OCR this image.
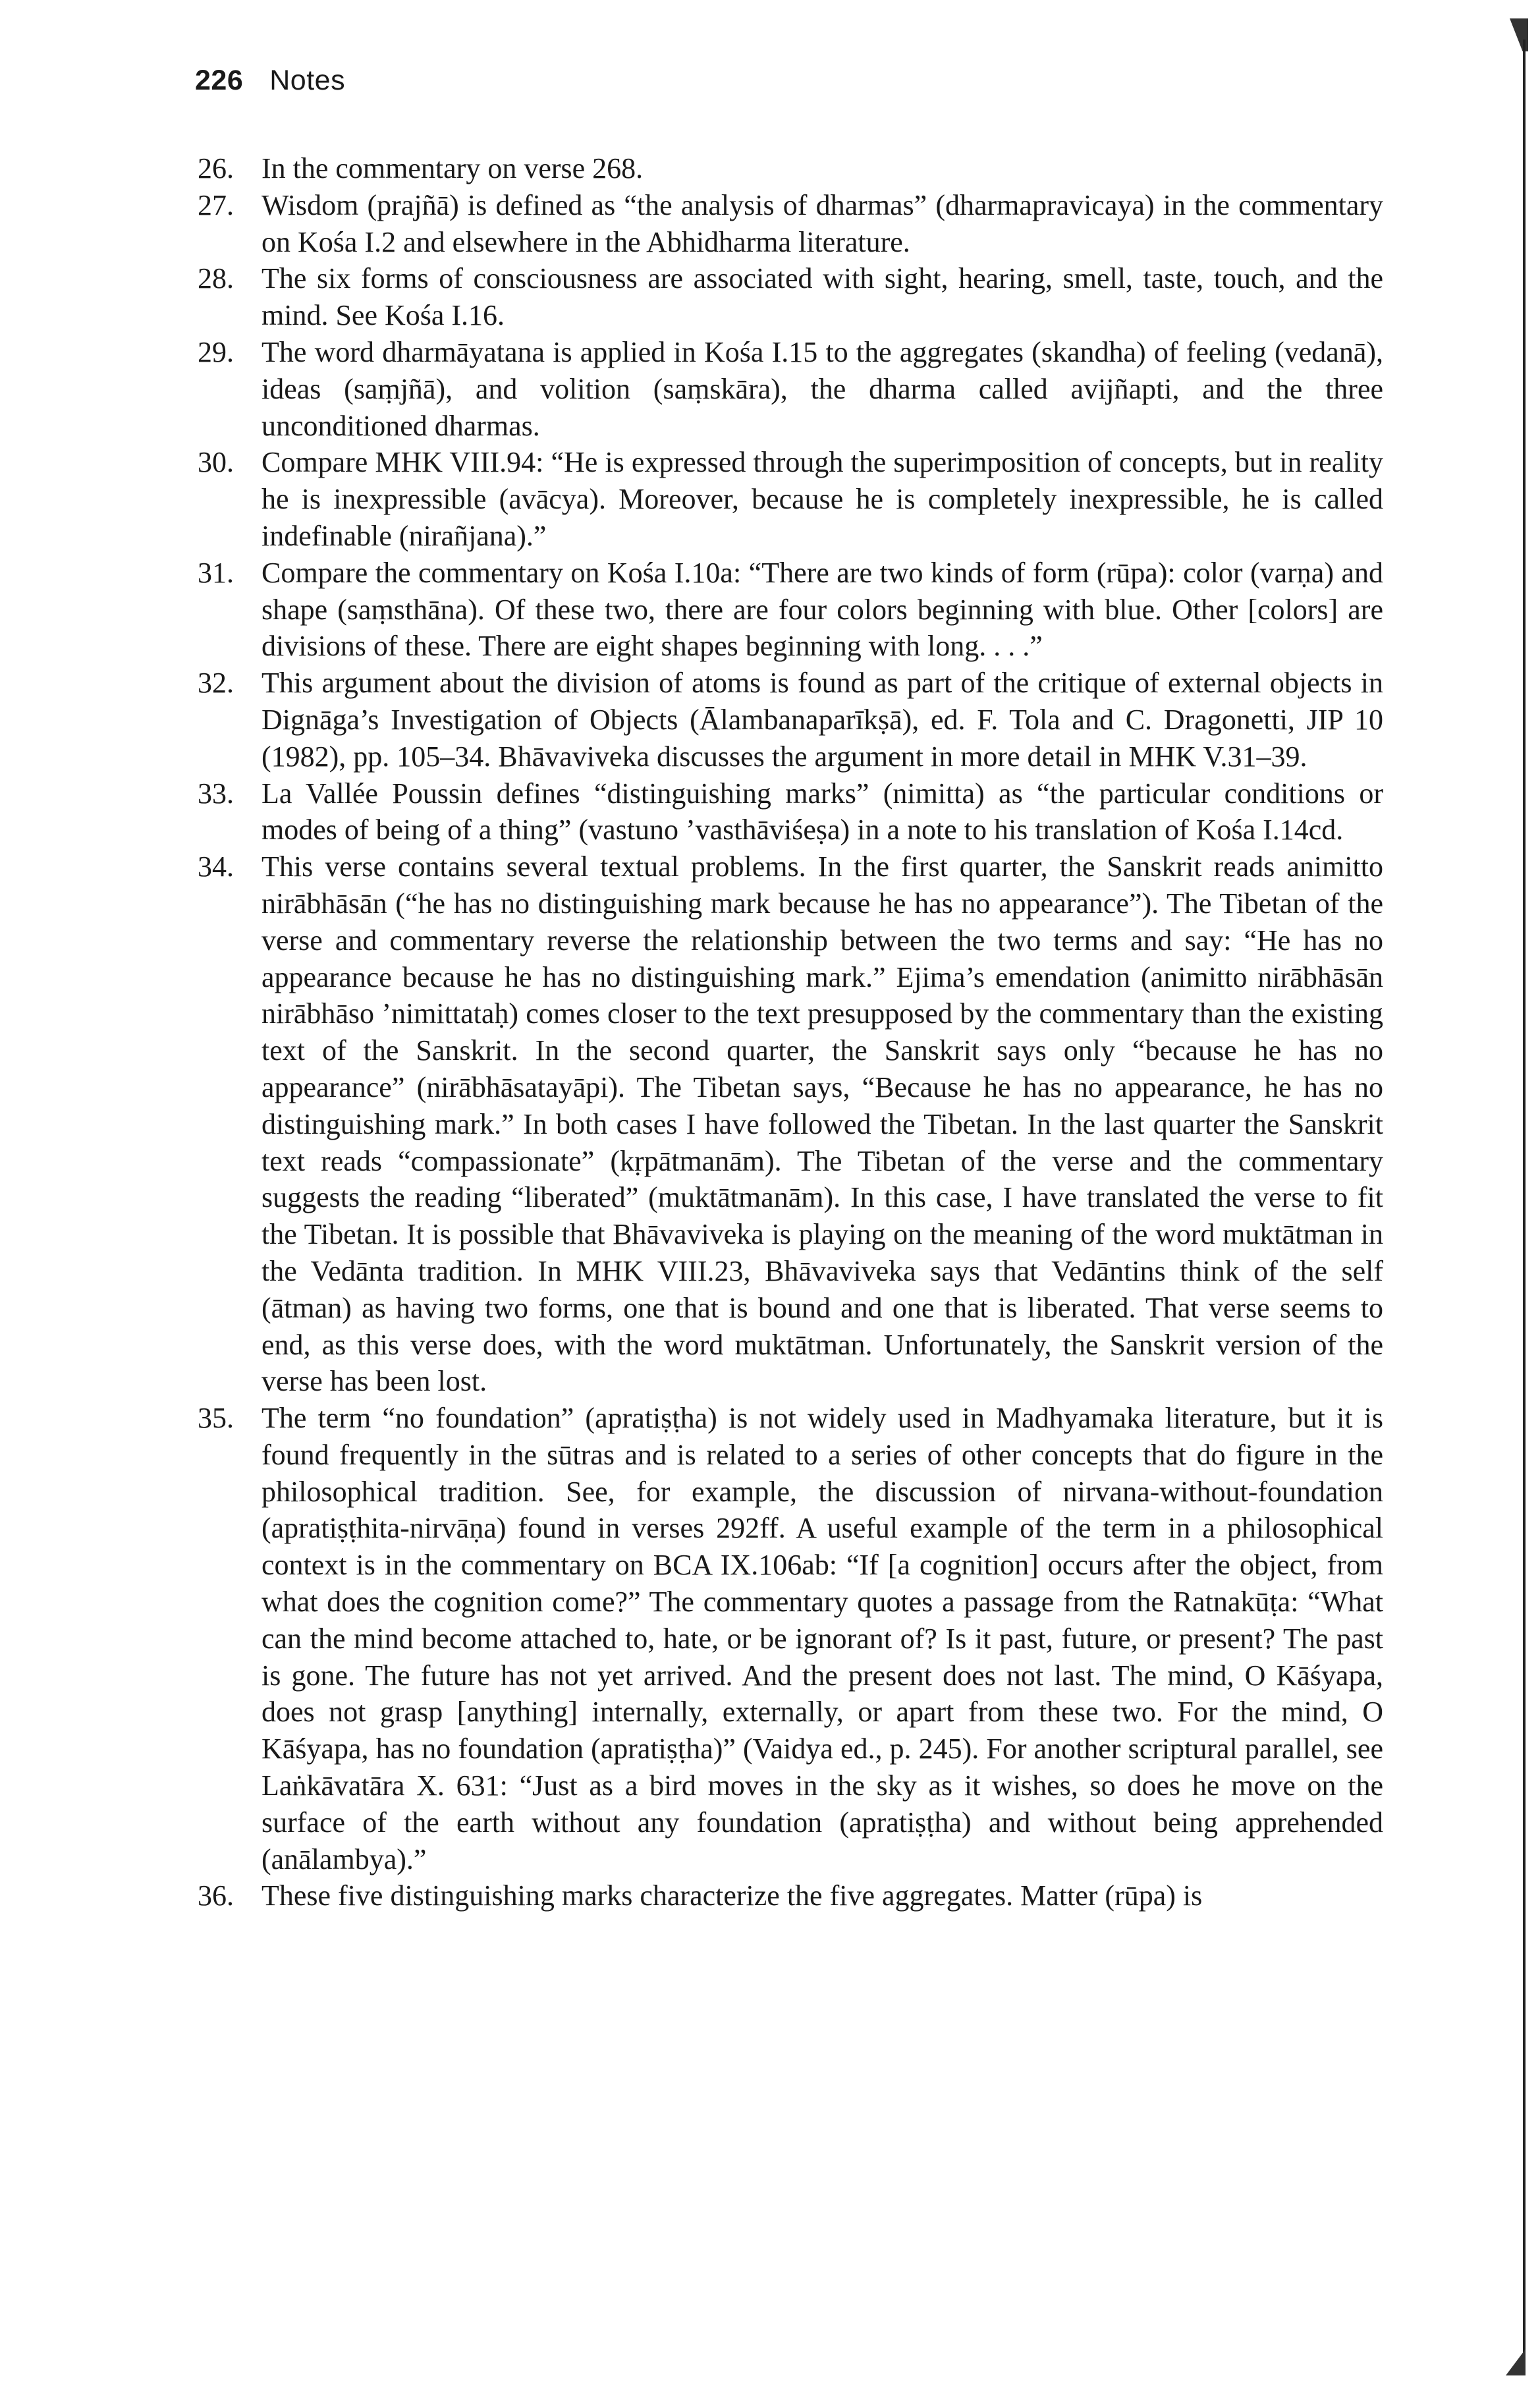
226 Notes
26. In the commentary on verse 268.
27. Wisdom (prajñā) is defined as “the analysis of dharmas” (dharmapravicaya) in the commentary on Kośa I.2 and elsewhere in the Abhidharma literature.
28. The six forms of consciousness are associated with sight, hearing, smell, taste, touch, and the mind. See Kośa I.16.
29. The word dharmāyatana is applied in Kośa I.15 to the aggregates (skandha) of feeling (vedanā), ideas (saṃjñā), and volition (saṃskāra), the dharma called avijñapti, and the three unconditioned dharmas.
30. Compare MHK VIII.94: “He is expressed through the superimposition of concepts, but in reality he is inexpressible (avācya). Moreover, because he is completely inexpressible, he is called indefinable (nirañjana).”
31. Compare the commentary on Kośa I.10a: “There are two kinds of form (rūpa): color (varṇa) and shape (saṃsthāna). Of these two, there are four colors beginning with blue. Other [colors] are divisions of these. There are eight shapes beginning with long. . . .”
32. This argument about the division of atoms is found as part of the critique of external objects in Dignāga’s Investigation of Objects (Ālambanaparīkṣā), ed. F. Tola and C. Dragonetti, JIP 10 (1982), pp. 105–34. Bhāvaviveka discusses the argument in more detail in MHK V.31–39.
33. La Vallée Poussin defines “distinguishing marks” (nimitta) as “the particular conditions or modes of being of a thing” (vastuno ’vasthāviśeṣa) in a note to his translation of Kośa I.14cd.
34. This verse contains several textual problems. In the first quarter, the Sanskrit reads animitto nirābhāsān (“he has no distinguishing mark because he has no appearance”). The Tibetan of the verse and commentary reverse the relationship between the two terms and say: “He has no appearance because he has no distinguishing mark.” Ejima’s emendation (animitto nirābhāsān nirābhāso ’nimittataḥ) comes closer to the text presupposed by the commentary than the existing text of the Sanskrit. In the second quarter, the Sanskrit says only “because he has no appearance” (nirābhāsatayāpi). The Tibetan says, “Because he has no appearance, he has no distinguishing mark.” In both cases I have followed the Tibetan. In the last quarter the Sanskrit text reads “compassionate” (kṛpātmanām). The Tibetan of the verse and the commentary suggests the reading “liberated” (muktātmanām). In this case, I have translated the verse to fit the Tibetan. It is possible that Bhāvaviveka is playing on the meaning of the word muktātman in the Vedānta tradition. In MHK VIII.23, Bhāvaviveka says that Vedāntins think of the self (ātman) as having two forms, one that is bound and one that is liberated. That verse seems to end, as this verse does, with the word muktātman. Unfortunately, the Sanskrit version of the verse has been lost.
35. The term “no foundation” (apratiṣṭha) is not widely used in Madhyamaka literature, but it is found frequently in the sūtras and is related to a series of other concepts that do figure in the philosophical tradition. See, for example, the discussion of nirvana-without-foundation (apratiṣṭhita-nirvāṇa) found in verses 292ff. A useful example of the term in a philosophical context is in the commentary on BCA IX.106ab: “If [a cognition] occurs after the object, from what does the cognition come?” The commentary quotes a passage from the Ratnakūṭa: “What can the mind become attached to, hate, or be ignorant of? Is it past, future, or present? The past is gone. The future has not yet arrived. And the present does not last. The mind, O Kāśyapa, does not grasp [anything] internally, externally, or apart from these two. For the mind, O Kāśyapa, has no foundation (apratiṣṭha)” (Vaidya ed., p. 245). For another scriptural parallel, see Laṅkāvatāra X. 631: “Just as a bird moves in the sky as it wishes, so does he move on the surface of the earth without any foundation (apratiṣṭha) and without being apprehended (anālambya).”
36. These five distinguishing marks characterize the five aggregates. Matter (rūpa) is
